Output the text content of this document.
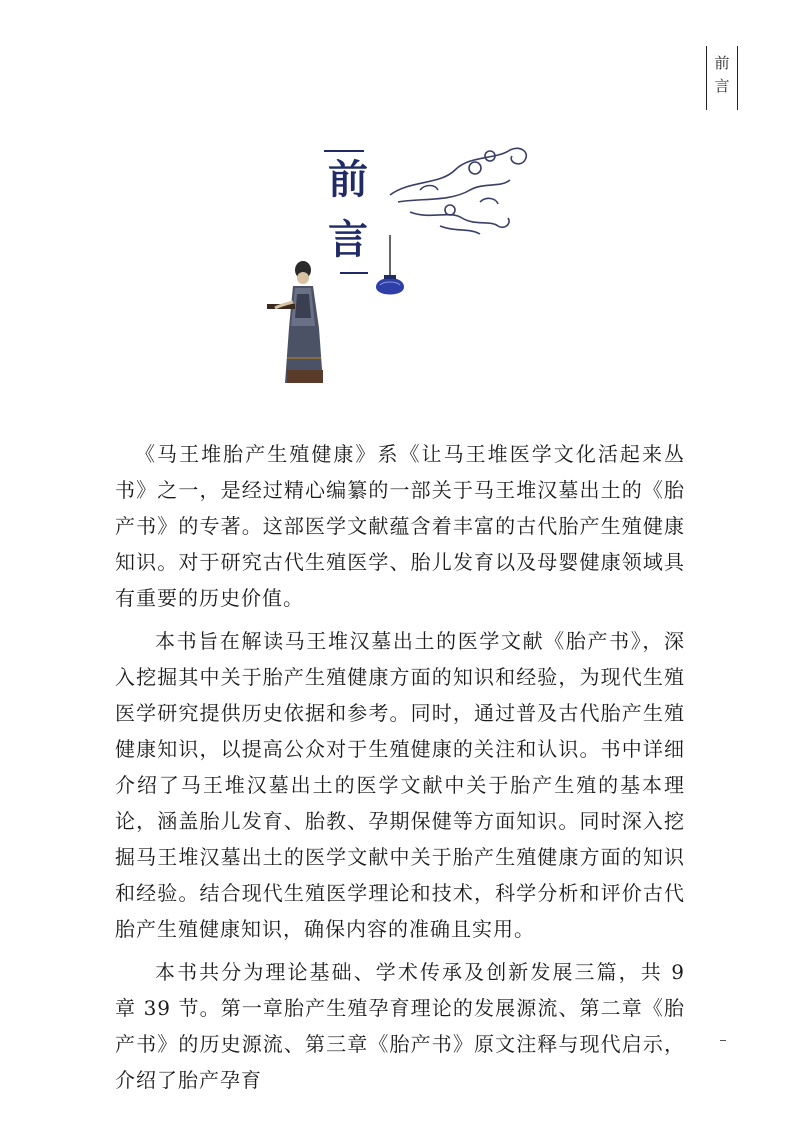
前
言
前
言

《马王堆胎产生殖健康》系《让马王堆医学文化活起来丛书》之一，是经过精心编纂的一部关于马王堆汉墓出土的《胎产书》的专著。这部医学文献蕴含着丰富的古代胎产生殖健康知识。对于研究古代生殖医学、胎儿发育以及母婴健康领域具有重要的历史价值。

本书旨在解读马王堆汉墓出土的医学文献《胎产书》，深入挖掘其中关于胎产生殖健康方面的知识和经验，为现代生殖医学研究提供历史依据和参考。同时，通过普及古代胎产生殖健康知识，以提高公众对于生殖健康的关注和认识。书中详细介绍了马王堆汉墓出土的医学文献中关于胎产生殖的基本理论，涵盖胎儿发育、胎教、孕期保健等方面知识。同时深入挖掘马王堆汉墓出土的医学文献中关于胎产生殖健康方面的知识和经验。结合现代生殖医学理论和技术，科学分析和评价古代胎产生殖健康知识，确保内容的准确且实用。

本书共分为理论基础、学术传承及创新发展三篇，共 9 章 39 节。第一章胎产生殖孕育理论的发展源流、第二章《胎产书》的历史源流、第三章《胎产书》原文注释与现代启示，介绍了胎产孕育
